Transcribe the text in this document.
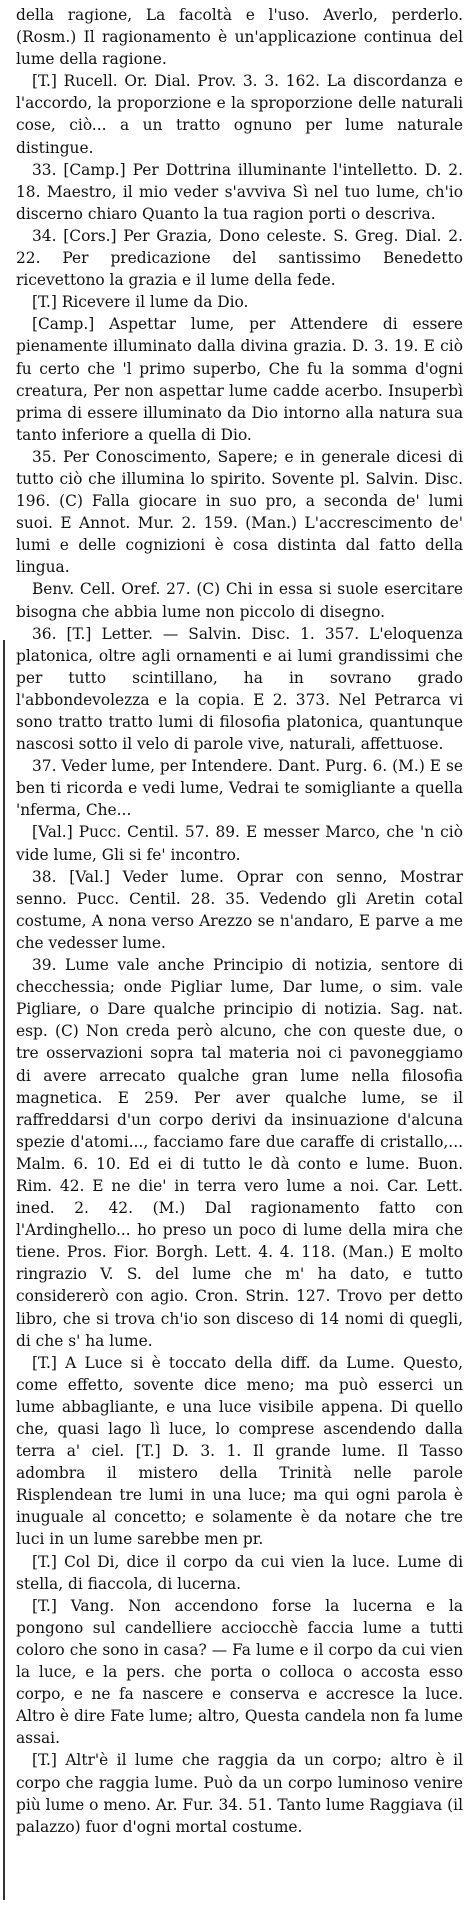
della ragione, La facoltà e l'uso. Averlo, perderlo. (Rosm.) Il ragionamento è un'applicazione continua del lume della ragione.

[T.] Rucell. Or. Dial. Prov. 3. 3. 162. La discordanza e l'accordo, la proporzione e la sproporzione delle naturali cose, ciò... a un tratto ognuno per lume naturale distingue.

33. [Camp.] Per Dottrina illuminante l'intelletto. D. 2. 18. Maestro, il mio veder s'avviva Sì nel tuo lume, ch'io discerno chiaro Quanto la tua ragion porti o descriva.

34. [Cors.] Per Grazia, Dono celeste. S. Greg. Dial. 2. 22. Per predicazione del santissimo Benedetto ricevettono la grazia e il lume della fede.

[T.] Ricevere il lume da Dio.

[Camp.] Aspettar lume, per Attendere di essere pienamente illuminato dalla divina grazia. D. 3. 19. E ciò fu certo che 'l primo superbo, Che fu la somma d'ogni creatura, Per non aspettar lume cadde acerbo. Insuperbì prima di essere illuminato da Dio intorno alla natura sua tanto inferiore a quella di Dio.

35. Per Conoscimento, Sapere; e in generale dicesi di tutto ciò che illumina lo spirito. Sovente pl. Salvin. Disc. 196. (C) Falla giocare in suo pro, a seconda de' lumi suoi. E Annot. Mur. 2. 159. (Man.) L'accrescimento de' lumi e delle cognizioni è cosa distinta dal fatto della lingua.

Benv. Cell. Oref. 27. (C) Chi in essa si suole esercitare bisogna che abbia lume non piccolo di disegno.

36. [T.] Letter. — Salvin. Disc. 1. 357. L'eloquenza platonica, oltre agli ornamenti e ai lumi grandissimi che per tutto scintillano, ha in sovrano grado l'abbondevolezza e la copia. E 2. 373. Nel Petrarca vi sono tratto tratto lumi di filosofia platonica, quantunque nascosi sotto il velo di parole vive, naturali, affettuose.

37. Veder lume, per Intendere. Dant. Purg. 6. (M.) E se ben ti ricorda e vedi lume, Vedrai te somigliante a quella 'nferma, Che...

[Val.] Pucc. Centil. 57. 89. E messer Marco, che 'n ciò vide lume, Gli si fe' incontro.

38. [Val.] Veder lume. Oprar con senno, Mostrar senno. Pucc. Centil. 28. 35. Vedendo gli Aretin cotal costume, A nona verso Arezzo se n'andaro, E parve a me che vedesser lume.

39. Lume vale anche Principio di notizia, sentore di checchessia; onde Pigliar lume, Dar lume, o sim. vale Pigliare, o Dare qualche principio di notizia. Sag. nat. esp. (C) Non creda però alcuno, che con queste due, o tre osservazioni sopra tal materia noi ci pavoneggiamo di avere arrecato qualche gran lume nella filosofia magnetica. E 259. Per aver qualche lume, se il raffreddarsi d'un corpo derivi da insinuazione d'alcuna spezie d'atomi..., facciamo fare due caraffe di cristallo,... Malm. 6. 10. Ed ei di tutto le dà conto e lume. Buon. Rim. 42. E ne die' in terra vero lume a noi. Car. Lett. ined. 2. 42. (M.) Dal ragionamento fatto con l'Ardinghello... ho preso un poco di lume della mira che tiene. Pros. Fior. Borgh. Lett. 4. 4. 118. (Man.) E molto ringrazio V. S. del lume che m' ha dato, e tutto considererò con agio. Cron. Strin. 127. Trovo per detto libro, che si trova ch'io son disceso di 14 nomi di quegli, di che s' ha lume.

[T.] A Luce si è toccato della diff. da Lume. Questo, come effetto, sovente dice meno; ma può esserci un lume abbagliante, e una luce visibile appena. Di quello che, quasi lago lì luce, lo comprese ascendendo dalla terra a' ciel. [T.] D. 3. 1. Il grande lume. Il Tasso adombra il mistero della Trinità nelle parole Risplendean tre lumi in una luce; ma qui ogni parola è inuguale al concetto; e solamente è da notare che tre luci in un lume sarebbe men pr.

[T.] Col Di, dice il corpo da cui vien la luce. Lume di stella, di fiaccola, di lucerna.

[T.] Vang. Non accendono forse la lucerna e la pongono sul candelliere acciocchè faccia lume a tutti coloro che sono in casa? — Fa lume e il corpo da cui vien la luce, e la pers. che porta o colloca o accosta esso corpo, e ne fa nascere e conserva e accresce la luce. Altro è dire Fate lume; altro, Questa candela non fa lume assai.

[T.] Altr'è il lume che raggia da un corpo; altro è il corpo che raggia lume. Può da un corpo luminoso venire più lume o meno. Ar. Fur. 34. 51. Tanto lume Raggiava (il palazzo) fuor d'ogni mortal costume.
